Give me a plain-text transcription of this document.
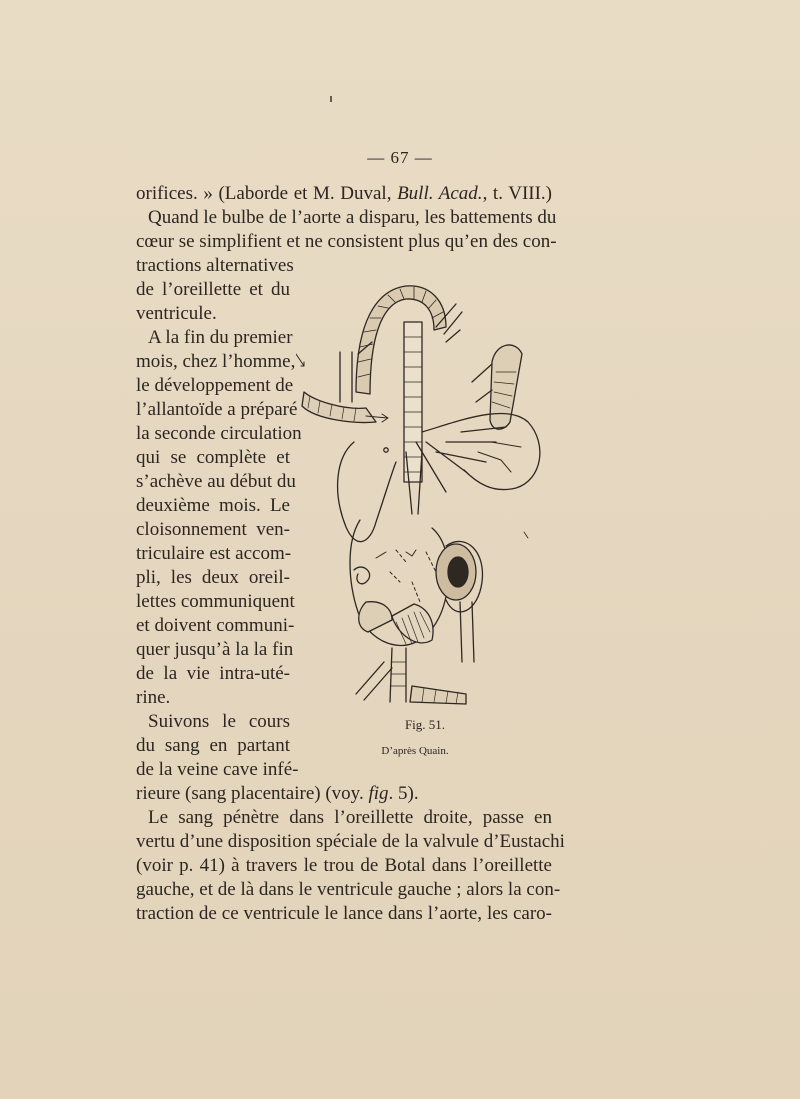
— 67 —
orifices. » (Laborde et M. Duval, Bull. Acad., t. VIII.)
Quand le bulbe de l’aorte a disparu, les battements du
cœur se simplifient et ne consistent plus qu’en des con-
tractions alternatives
de l’oreillette et du
ventricule.
A la fin du premier
mois, chez l’homme,
le développement de
l’allantoïde a préparé
la seconde circulation
qui se complète et
s’achève au début du
deuxième mois. Le
cloisonnement ven-
triculaire est accom-
pli, les deux oreil-
lettes communiquent
et doivent communi-
quer jusqu’à la la fin
de la vie intra-uté-
rine.
Suivons le cours
du sang en partant
de la veine cave infé-
rieure (sang placentaire) (voy. fig. 5).
Le sang pénètre dans l’oreillette droite, passe en
vertu d’une disposition spéciale de la valvule d’Eustachi
(voir p. 41) à travers le trou de Botal dans l’oreillette
gauche, et de là dans le ventricule gauche ; alors la con-
traction de ce ventricule le lance dans l’aorte, les caro-
Fig. 51.
D’après Quain.
